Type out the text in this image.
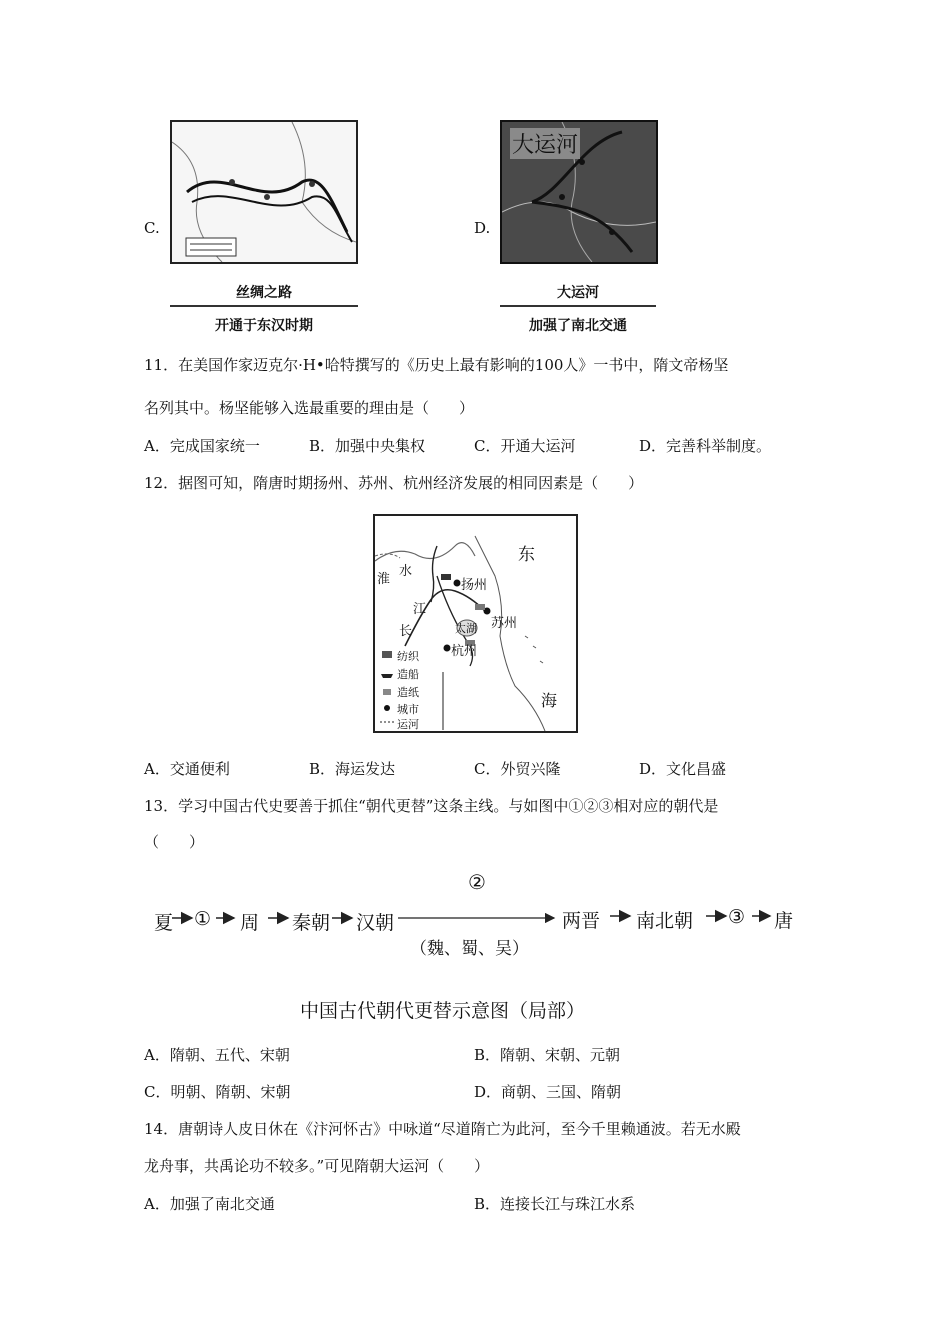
C.
丝绸之路
开通于东汉时期
D.
大运河
大运河
加强了南北交通
11．在美国作家迈克尔·H•哈特撰写的《历史上最有影响的100人》一书中，隋文帝杨坚
名列其中。杨坚能够入选最重要的理由是（　　）
A．完成国家统一	B．加强中央集权	C．开通大运河	D．完善科举制度。
12．据图可知，隋唐时期扬州、苏州、杭州经济发展的相同因素是（　　）
东
海
淮
水
长
江
扬州
苏州
杭州
太湖
纺织
造船
造纸
城市
运河
A．交通便利	B．海运发达	C．外贸兴隆	D．文化昌盛
13．学习中国古代史要善于抓住“朝代更替”这条主线。与如图中①②③相对应的朝代是
（　　）
夏 ① 周 秦朝 汉朝
②
（魏、蜀、吴）
两晋 南北朝 ③ 唐
中国古代朝代更替示意图（局部）
A．隋朝、五代、宋朝	B．隋朝、宋朝、元朝
C．明朝、隋朝、宋朝	D．商朝、三国、隋朝
14．唐朝诗人皮日休在《汴河怀古》中咏道“尽道隋亡为此河，至今千里赖通波。若无水殿
龙舟事，共禹论功不较多。”可见隋朝大运河（　　）
A．加强了南北交通	B．连接长江与珠江水系
